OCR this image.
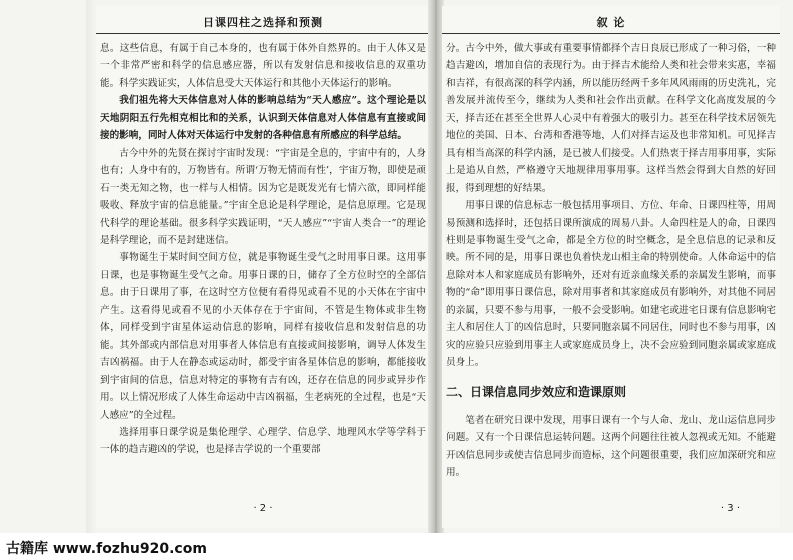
日课四柱之选择和预测

息。这些信息，有属于自己本身的，也有属于体外自然界的。由于人体又是一个非常严密和科学的信息感应器，所以有发射信息和接收信息的双重功能。科学实践证实，人体信息受大天体运行和其他小天体运行的影响。

我们祖先将大天体信息对人体的影响总结为“天人感应”。这个理论是以天地阴阳五行先相克相比和的关系，认识到天体信息对人体信息有直接或间接的影响，同时人体对天体运行中发射的各种信息有所感应的科学总结。

古今中外的先贤在探讨宇宙时发现：“宇宙是全息的，宇宙中有的，人身也有；人身中有的，万物皆有。所谓‘万物无情而有性’，宇宙万物，即使是顽石一类无知之物，也一样与人相情。因为它是既发光有七情六欲，即同样能吸收、释放宇宙的信息能量。”宇宙全息论是科学理论，是信息原理。它是现代科学的理论基础。很多科学实践证明，“天人感应”“宇宙人类合一”的理论是科学理论，而不是封建迷信。

事物诞生于某时间空间方位，就是事物诞生受气之时用事日课。这用事日课，也是事物诞生受气之命。用事日课的日，储存了全方位时空的全部信息。由于日课用了事，在这时空方位便有看得见或看不见的小天体在宇宙中产生。这看得见或看不见的小天体存在于宇宙间，不管是生物体或非生物体，同样受到宇宙星体运动信息的影响，同样有接收信息和发射信息的功能。其外部或内部信息对用事者人体信息有直接或间接影响，调导人体发生吉凶祸福。由于人在静态或运动时，都受宇宙各星体信息的影响，都能接收到宇宙间的信息，信息对特定的事物有吉有凶，还存在信息的同步或异步作用。以上情况形成了人体生命运动中吉凶祸福，生老病死的全过程，也是“天人感应”的全过程。

选择用事日课学说是集伦理学、心理学、信息学、地理风水学等学科于一体的趋吉避凶的学说，也是择吉学说的一个重要部

· 2 ·
叙 论

分。古今中外，做大事或有重要事情都择个吉日良辰已形成了一种习俗，一种趋吉避凶，增加自信的表现行为。由于择吉术能给人类和社会带来实惠，幸福和吉祥，有很高深的科学内涵，所以能历经两千多年风风雨雨的历史洗礼，完善发展并流传至今，继续为人类和社会作出贡献。在科学文化高度发展的今天，择吉还在甚至全世界人心灵中有着强大的吸引力。甚至在科学技术居领先地位的美国、日本、台湾和香港等地，人们对择吉运及也非常知机。可见择吉具有相当高深的科学内涵，是已被人们接受。人们热衷于择吉用事用事，实际上是追从自然，严格遵守天地规律用事用事。这样当然会得到大自然的好回报，得到理想的好结果。

用事日课的信息标志一般包括用事项目、方位、年命、日课四柱等，用周易预测和选择时，还包括日课所演成的周易八卦。人命四柱是人的命，日课四柱则是事物诞生受气之命，都是全方位的时空概念，是全息信息的记录和反映。所不同的是，用事日课也负着快龙山相主命的特别使命。人体命运中的信息除对本人和家庭成员有影响外，还对有近亲血缘关系的亲属发生影响，而事物的“命”即用事日课信息，除对用事者和其家庭成员有影响外，对其他不同居的亲属，只要不参与用事，一般不会受影响。如建宅或进宅日课有信息影响宅主人和居住人丁的凶信息时，只要同胞亲属不同居住，同时也不参与用事，凶灾的应验只应验到用事主人或家庭成员身上，决不会应验到同胞亲属或家庭成员身上。

二、日课信息同步效应和造课原则

笔者在研究日课中发现，用事日课有一个与人命、龙山、龙山运信息同步问题。又有一个日课信息运转问题。这两个问题往往被人忽视或无知。不能避开凶信息同步或使吉信息同步而造标，这个问题很重要，我们应加深研究和应用。

· 3 ·
古籍库 www.fozhu920.com
